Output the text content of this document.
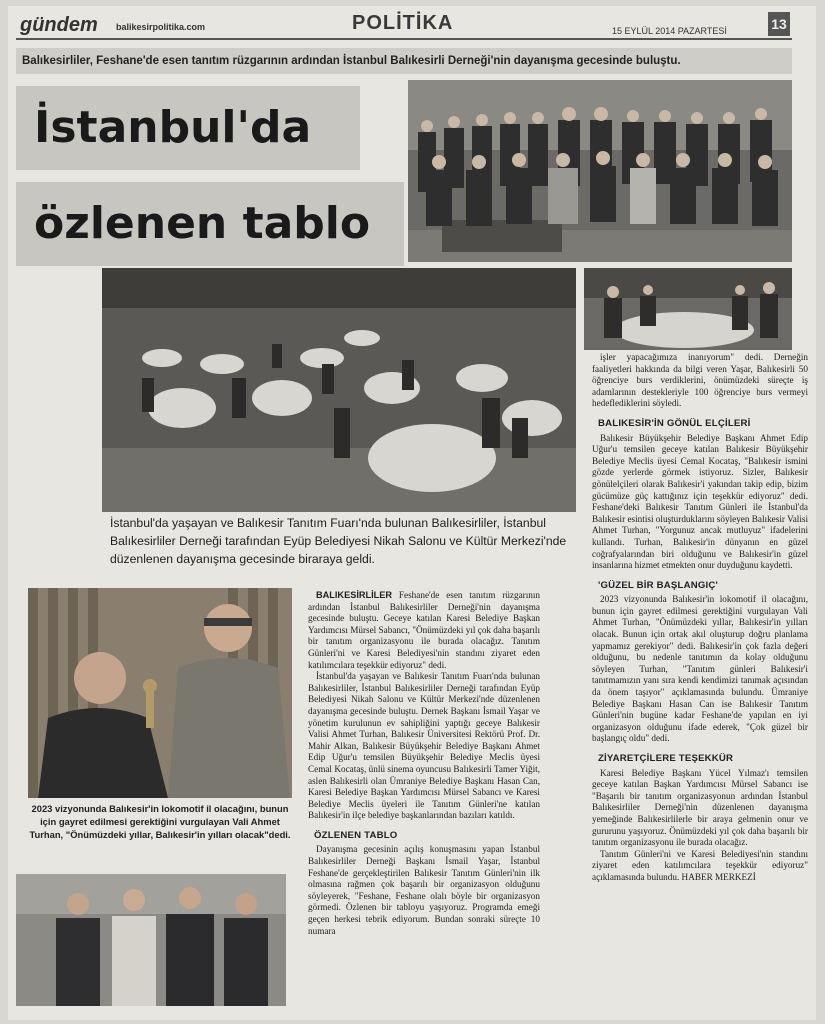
gündem balikesirpolitika.com	POLİTİKA	15 EYLÜL 2014 PAZARTESİ	13
Balıkesirliler, Feshane'de esen tanıtım rüzgarının ardından İstanbul Balıkesirli Derneği'nin dayanışma gecesinde buluştu.
İstanbul'da
özlenen tablo
İstanbul'da yaşayan ve Balıkesir Tanıtım Fuarı'nda bulunan Balıkesirliler, İstanbul Balıkesirliler Derneği tarafından Eyüp Belediyesi Nikah Salonu ve Kültür Merkezi'nde düzenlenen dayanışma gecesinde biraraya geldi.
2023 vizyonunda Balıkesir'in lokomotif il olacağını, bunun için gayret edilmesi gerektiğini vurgulayan Vali Ahmet Turhan, "Önümüzdeki yıllar, Balıkesir'in yılları olacak"dedi.

BALIKESİRLİLER Feshane'de esen tanıtım rüzgarının ardından İstanbul Balıkesirliler Derneği'nin dayanışma gecesinde buluştu. Geceye katılan Karesi Belediye Başkan Yardımcısı Mürsel Sabancı, "Önümüzdeki yıl çok daha başarılı bir tanıtım organizasyonu ile burada olacağız. Tanıtım Günleri'ni ve Karesi Belediyesi'nin standını ziyaret eden katılımcılara teşekkür ediyoruz" dedi.

İstanbul'da yaşayan ve Balıkesir Tanıtım Fuarı'nda bulunan Balıkesirliler, İstanbul Balıkesirliler Derneği tarafından Eyüp Belediyesi Nikah Salonu ve Kültür Merkezi'nde düzenlenen dayanışma gecesinde buluştu. Dernek Başkanı İsmail Yaşar ve yönetim kurulunun ev sahipliğini yaptığı geceye Balıkesir Valisi Ahmet Turhan, Balıkesir Üniversitesi Rektörü Prof. Dr. Mahir Alkan, Balıkesir Büyükşehir Belediye Başkanı Ahmet Edip Uğur'u temsilen Büyükşehir Belediye Meclis üyesi Cemal Kocataş, ünlü sinema oyuncusu Balıkesirli Tamer Yiğit, aslen Balıkesirli olan Ümraniye Belediye Başkanı Hasan Can, Karesi Belediye Başkan Yardımcısı Mürsel Sabancı ve Karesi Belediye Meclis üyeleri ile Tanıtım Günleri'ne katılan Balıkesir'in ilçe belediye başkanlarından bazıları katıldı.

ÖZLENEN TABLO

Dayanışma gecesinin açılış konuşmasını yapan İstanbul Balıkesirliler Derneği Başkanı İsmail Yaşar, İstanbul Feshane'de gerçekleştirilen Balıkesir Tanıtım Günleri'nin ilk olmasına rağmen çok başarılı bir organizasyon olduğunu söyleyerek, "Feshane, Feshane olalı böyle bir organizasyon görmedi. Özlenen bir tabloyu yaşıyoruz. Programda emeği geçen herkesi tebrik ediyorum. Bundan sonraki süreçte 10 numara

işler yapacağımıza inanıyorum" dedi. Derneğin faaliyetleri hakkında da bilgi veren Yaşar, Balıkesirli 50 öğrenciye burs verdiklerini, önümüzdeki süreçte iş adamlarının destekleriyle 100 öğrenciye burs vermeyi hedeflediklerini söyledi.

BALIKESİR'İN GÖNÜL ELÇİLERİ

Balıkesir Büyükşehir Belediye Başkanı Ahmet Edip Uğur'u temsilen geceye katılan Balıkesir Büyükşehir Belediye Meclis üyesi Cemal Kocataş, "Balıkesir ismini gözde yerlerde görmek istiyoruz. Sizler, Balıkesir gönülelçileri olarak Balıkesir'i yakından takip edip, bizim gücümüze güç kattığınız için teşekkür ediyoruz" dedi. Feshane'deki Balıkesir Tanıtım Günleri ile İstanbul'da Balıkesir esintisi oluşturduklarını söyleyen Balıkesir Valisi Ahmet Turhan, "Yorgunuz ancak mutluyuz" ifadelerini kullandı. Turhan, Balıkesir'in dünyanın en güzel coğrafyalarından biri olduğunu ve Balıkesir'in güzel insanlarına hizmet etmekten onur duyduğunu kaydetti.

'GÜZEL BİR BAŞLANGIÇ'

2023 vizyonunda Balıkesir'in lokomotif il olacağını, bunun için gayret edilmesi gerektiğini vurgulayan Vali Ahmet Turhan, "Önümüzdeki yıllar, Balıkesir'in yılları olacak. Bunun için ortak akıl oluşturup doğru planlama yapmamız gerekiyor" dedi. Balıkesir'in çok fazla değeri olduğunu, bu nedenle tanıtımın da kolay olduğunu söyleyen Turhan, "Tanıtım günleri Balıkesir'i tanıtmamızın yanı sıra kendi kendimizi tanımak açısından da önem taşıyor" açıklamasında bulundu. Ümraniye Belediye Başkanı Hasan Can ise Balıkesir Tanıtım Günleri'nin bugüne kadar Feshane'de yapılan en iyi organizasyon olduğunu ifade ederek, "Çok güzel bir başlangıç oldu" dedi.

ZİYARETÇİLERE TEŞEKKÜR

Karesi Belediye Başkanı Yücel Yılmaz'ı temsilen geceye katılan Başkan Yardımcısı Mürsel Sabancı ise "Başarılı bir tanıtım organizasyonun ardından İstanbul Balıkesirliler Derneği'nin düzenlenen dayanışma yemeğinde Balıkesirlilerle bir araya gelmenin onur ve gururunu yaşıyoruz. Önümüzdeki yıl çok daha başarılı bir tanıtım organizasyonu ile burada olacağız.

Tanıtım Günleri'ni ve Karesi Belediyesi'nin standını ziyaret eden katılımcılara teşekkür ediyoruz" açıklamasında bulundu. HABER MERKEZİ
